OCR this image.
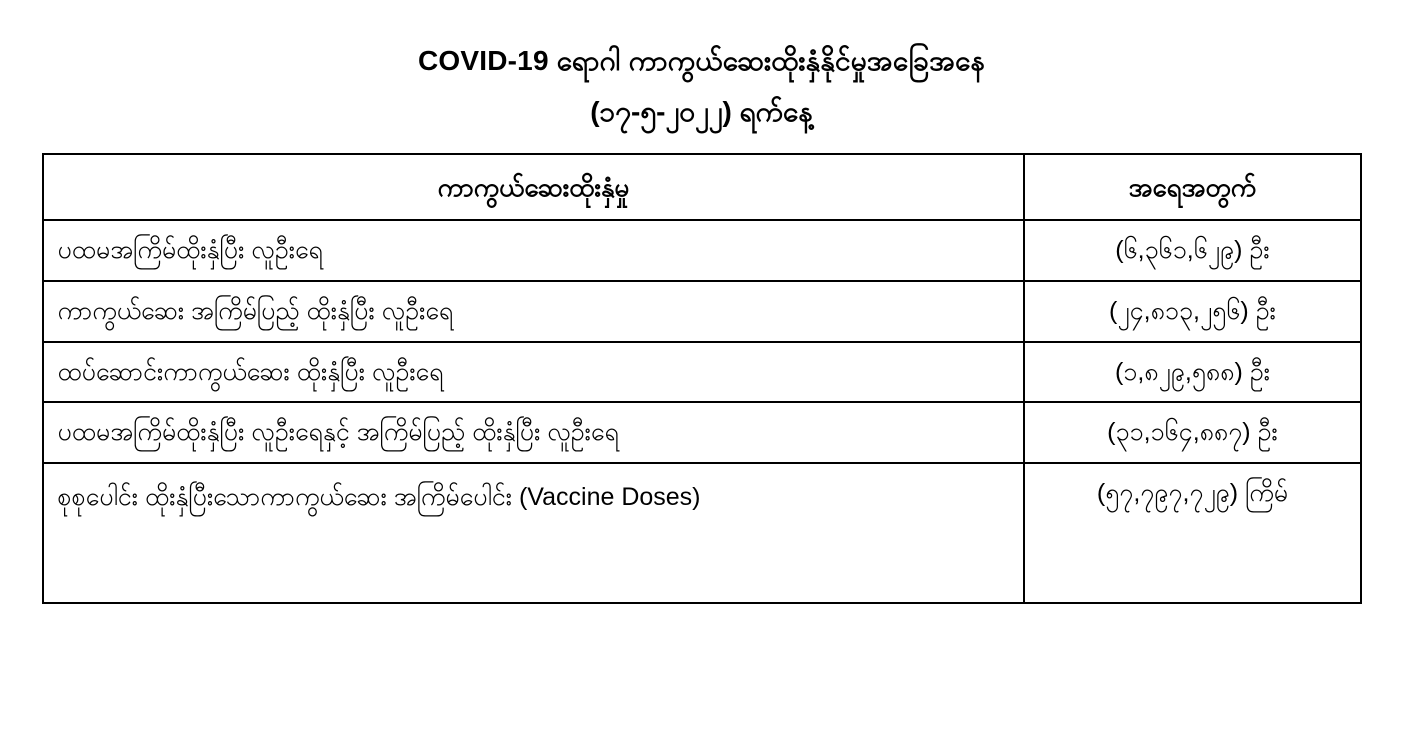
COVID-19 ရောဂါ ကာကွယ်ဆေးထိုးနှံနိုင်မှုအခြေအနေ
(၁၇-၅-၂၀၂၂) ရက်နေ့
ကာကွယ်ဆေးထိုးနှံမှု	အရေအတွက်
ပထမအကြိမ်ထိုးနှံပြီး လူဦးရေ	(၆,၃၆၁,၆၂၉) ဦး
ကာကွယ်ဆေး အကြိမ်ပြည့် ထိုးနှံပြီး လူဦးရေ	(၂၄,၈၁၃,၂၅၆) ဦး
ထပ်ဆောင်းကာကွယ်ဆေး ထိုးနှံပြီး လူဦးရေ	(၁,၈၂၉,၅၈၈) ဦး
ပထမအကြိမ်ထိုးနှံပြီး လူဦးရေနှင့် အကြိမ်ပြည့် ထိုးနှံပြီး လူဦးရေ	(၃၁,၁၆၄,၈၈၇) ဦး
စုစုပေါင်း ထိုးနှံပြီးသောကာကွယ်ဆေး အကြိမ်ပေါင်း (Vaccine Doses)	(၅၇,၇၉၇,၇၂၉) ကြိမ်
